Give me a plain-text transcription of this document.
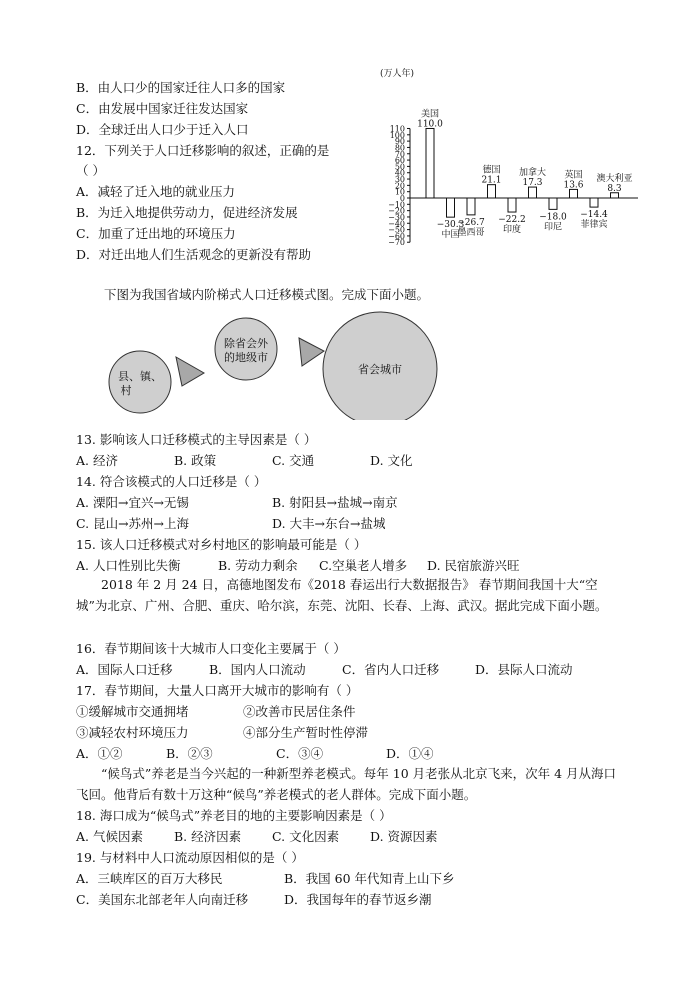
B．由人口少的国家迁往人口多的国家
C．由发展中国家迁往发达国家
D．全球迁出人口少于迁入人口
12．下列关于人口迁移影响的叙述，正确的是
（ ）
A．减轻了迁入地的就业压力
B．为迁入地提供劳动力，促进经济发展
C．加重了迁出地的环境压力
D．对迁出地人们生活观念的更新没有帮助
(万人年)
110
100
90
80
70
60
50
40
30
20
10
0
−10
−20
−30
−40
−50
−60
−70
美国
110.0
−30.3
中国
−26.7
墨西哥
德国
21.1
−22.2
印度
加拿大
17.3
−18.0
印尼
英国
13.6
−14.4
菲律宾
澳大利亚
8.3
下图为我国省域内阶梯式人口迁移模式图。完成下面小题。
县、镇、
村
除省会外
的地级市
省会城市
13. 影响该人口迁移模式的主导因素是（ ）
A. 经济	B. 政策	C. 交通	D. 文化
14. 符合该模式的人口迁移是（ ）
A. 溧阳→宜兴→无锡	B. 射阳县→盐城→南京
C. 昆山→苏州→上海	D. 大丰→东台→盐城
15. 该人口迁移模式对乡村地区的影响最可能是（ ）
A. 人口性别比失衡	B. 劳动力剩余 C.空巢老人增多 D. 民宿旅游兴旺
2018 年 2 月 24 日，高德地图发布《2018 春运出行大数据报告》 春节期间我国十大“空城”为北京、广州、合肥、重庆、哈尔滨，东莞、沈阳、长春、上海、武汉。据此完成下面小题。
16．春节期间该十大城市人口变化主要属于（ ）
A．国际人口迁移	B．国内人口流动	C．省内人口迁移	D．县际人口流动
17．春节期间，大量人口离开大城市的影响有（ ）
①缓解城市交通拥堵	②改善市民居住条件
③减轻农村环境压力	④部分生产暂时性停滞
A．①②	B．②③	C．③④	D．①④
“候鸟式”养老是当今兴起的一种新型养老模式。每年 10 月老张从北京飞来，次年 4 月从海口飞回。他背后有数十万这种“候鸟”养老模式的老人群体。完成下面小题。
18. 海口成为“候鸟式”养老目的地的主要影响因素是（ ）
A. 气候因素 B. 经济因素 C. 文化因素 D. 资源因素
19. 与材料中人口流动原因相似的是（ ）
A．三峡库区的百万大移民	B．我国 60 年代知青上山下乡
C．美国东北部老年人向南迁移	D．我国每年的春节返乡潮
